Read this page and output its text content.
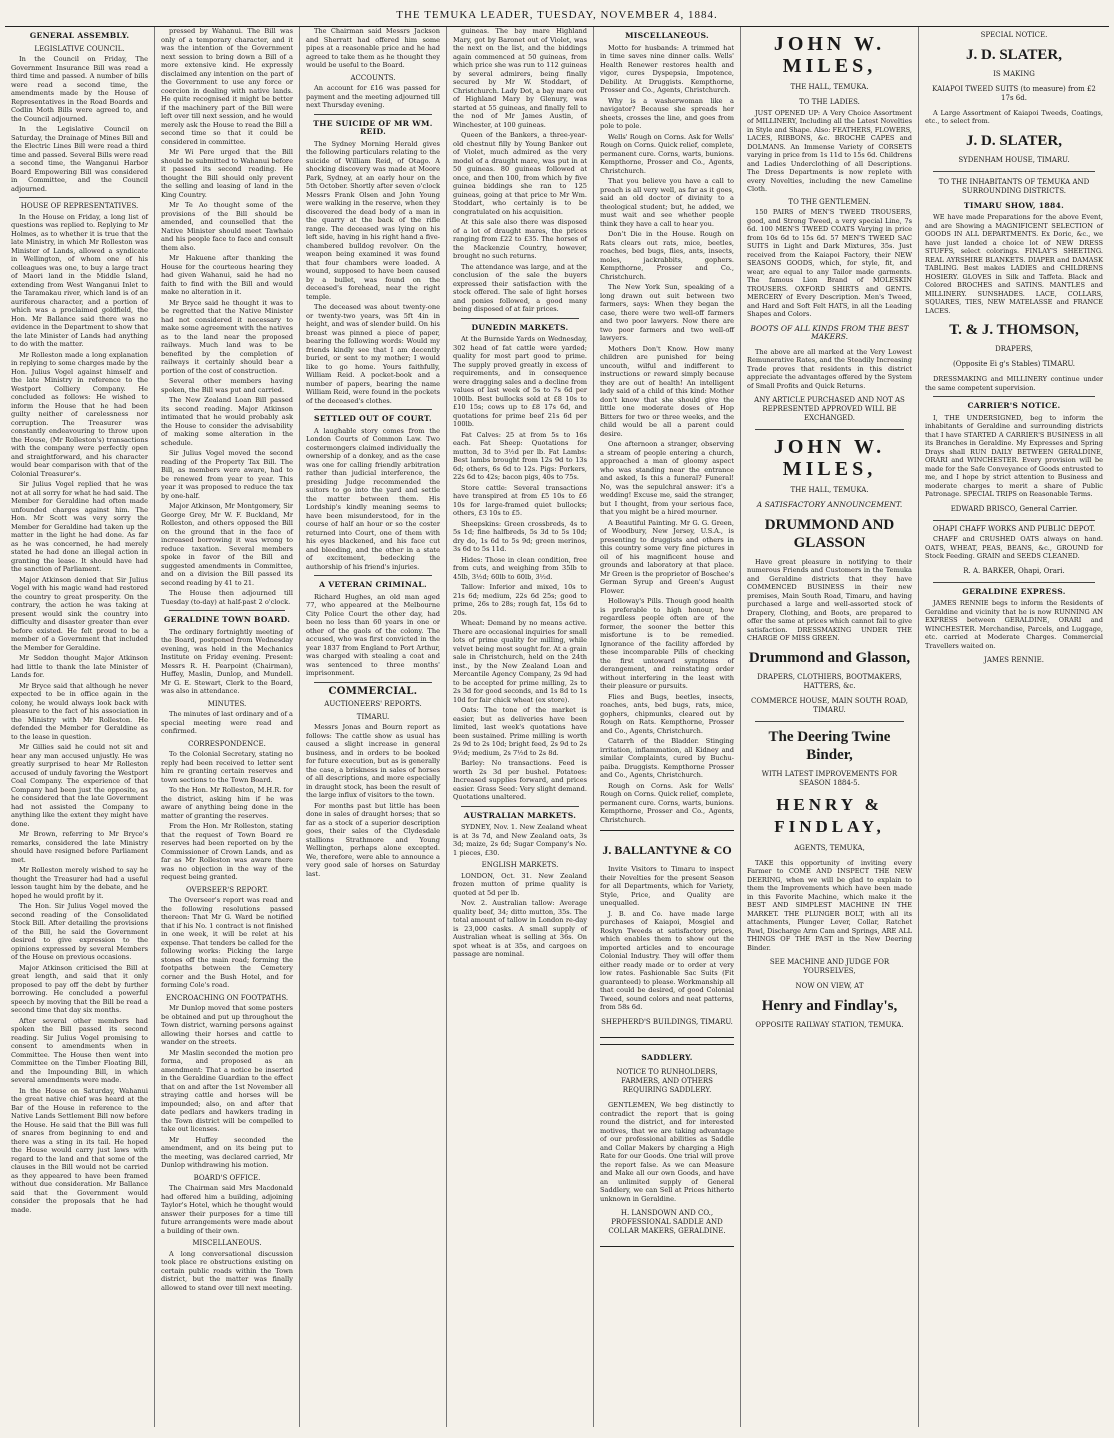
THE TEMUKA LEADER, TUESDAY, NOVEMBER 4, 1884.
GENERAL ASSEMBLY.
LEGISLATIVE COUNCIL.

In the Council on Friday, The Government Insurance Bill was read a third time and passed. A number of bills were read a second time, the amendments made by the House of Representatives in the Road Boards and Codlin Moth Bills were agreed to, and the Council adjourned.

In the Legislative Council on Saturday, the Drainage of Mines Bill and the Electric Lines Bill were read a third time and passed. Several Bills were read a second time, the Wanganui Harbor Board Empowering Bill was considered in Committee, and the Council adjourned.

HOUSE OF REPRESENTATIVES.

In the House on Friday, a long list of questions was replied to. Replying to Mr Holmes, as to whether it is true that the late Ministry, in which Mr Rolleston was Minister of Lands, allowed a syndicate in Wellington, of whom one of his colleagues was one, to buy a large tract of Maori land in the Middle Island, extending from West Wanganui Inlet to the Taramakau river, which land is of an auriferous character, and a portion of which was a proclaimed goldfield, the Hon. Mr Ballance said there was no evidence in the Department to show that the late Minister of Lands had anything to do with the matter.

Mr Rolleston made a long explanation in replying to some charges made by the Hon. Julius Vogel against himself and the late Ministry in reference to the Westport Colliery Company. He concluded as follows: He wished to inform the House that he had been guilty neither of carelessness nor corruption. The Treasurer was constantly endeavouring to throw upon the House, (Mr Rolleston's) transactions with the company were perfectly open and straightforward, and his character would bear comparison with that of the Colonial Treasurer's.

Sir Julius Vogel replied that he was not at all sorry for what he had said. The Member for Geraldine had often made unfounded charges against him. The Hon. Mr Scott was very sorry the Member for Geraldine had taken up the matter in the light he had done. As far as he was concerned, he had merely stated he had done an illegal action in granting the lease. It should have had the sanction of Parliament.

Major Atkinson denied that Sir Julius Vogel with his magic wand had restored the country to great prosperity. On the contrary, the action he was taking at present would sink the country into difficulty and disaster greater than ever before existed. He felt proud to be a member of a Government that included the Member for Geraldine.

Mr Seddon thought Major Atkinson had little to thank the late Minister of Lands for.

Mr Bryce said that although he never expected to be in office again in the colony, he would always look back with pleasure to the fact of his association in the Ministry with Mr Rolleston. He defended the Member for Geraldine as to the lease in question.

Mr Gillies said he could not sit and hear any man accused unjustly. He was greatly surprised to hear Mr Rolleston accused of unduly favoring the Westport Coal Company. The experience of that Company had been just the opposite, as he considered that the late Government had not assisted the Company to anything like the extent they might have done.

Mr Brown, referring to Mr Bryce's remarks, considered the late Ministry should have resigned before Parliament met.

Mr Rolleston merely wished to say he thought the Treasurer had had a useful lesson taught him by the debate, and he hoped he would profit by it.

The Hon. Sir Julius Vogel moved the second reading of the Consolidated Stock Bill. After detailing the provisions of the Bill, he said the Government desired to give expression to the opinions expressed by several Members of the House on previous occasions.

Major Atkinson criticised the Bill at great length, and said that it only proposed to pay off the debt by further borrowing. He concluded a powerful speech by moving that the Bill be read a second time that day six months.

After several other members had spoken the Bill passed its second reading. Sir Julius Vogel promising to consent to amendments when in Committee. The House then went into Committee on the Timber Floating Bill, and the Impounding Bill, in which several amendments were made.

In the House on Saturday, Wahanui the great native chief was heard at the Bar of the House in reference to the Native Lands Settlement Bill now before the House. He said that the Bill was full of snares from beginning to end and there was a sting in its tail. He hoped the House would carry just laws with regard to the land and that some of the clauses in the Bill would not be carried as they appeared to have been framed without due consideration. Mr Ballance said that the Government would consider the proposals that he had made.

pressed by Wahanui. The Bill was only of a temporary character, and it was the intention of the Government next session to bring down a Bill of a more extensive kind. He expressly disclaimed any intention on the part of the Government to use any force or coercion in dealing with native lands. He quite recognised it might be better if the machinery part of the Bill were left over till next session, and he would merely ask the House to read the Bill a second time so that it could be considered in committee.

Mr Wi Pere urged that the Bill should be submitted to Wahanui before it passed its second reading. He thought the Bill should only prevent the selling and leasing of land in the King Country.

Mr Te Ao thought some of the provisions of the Bill should be amended, and counselled that the Native Minister should meet Tawhaio and his people face to face and consult them also.

Mr Hakuene after thanking the House for the courteous hearing they had given Wahanui, said he had no faith to find with the Bill and would make no alteration in it.

Mr Bryce said he thought it was to be regretted that the Native Minister had not considered it necessary to make some agreement with the natives as to the land near the proposed railways. Much land was to be benefited by the completion of railways it certainly should bear a portion of the cost of construction.

Several other members having spoken, the Bill was put and carried.

The New Zealand Loan Bill passed its second reading. Major Atkinson intimated that he would probably ask the House to consider the advisability of making some alteration in the schedule.

Sir Julius Vogel moved the second reading of the Property Tax Bill. The Bill, as members were aware, had to be renewed from year to year. This year it was proposed to reduce the tax by one-half.

Major Atkinson, Mr Montgomery, Sir George Grey, Mr W. F. Buckland, Mr Rolleston, and others opposed the Bill on the ground that in the face of increased borrowing it was wrong to reduce taxation. Several members spoke in favor of the Bill and suggested amendments in Committee, and on a division the Bill passed its second reading by 41 to 21.

The House then adjourned till Tuesday (to-day) at half-past 2 o'clock.

GERALDINE TOWN BOARD.

The ordinary fortnightly meeting of the Board, postponed from Wednesday evening, was held in the Mechanics Institute on Friday evening. Present: Messrs R. H. Pearpoint (Chairman), Huffey, Maslin, Dunlop, and Mundell. Mr G. E. Stewart, Clerk to the Board, was also in attendance.

MINUTES.

The minutes of last ordinary and of a special meeting were read and confirmed.

CORRESPONDENCE.

To the Colonial Secretary, stating no reply had been received to letter sent him re granting certain reserves and town sections to the Town Board.

To the Hon. Mr Rolleston, M.H.R. for the district, asking him if he was aware of anything being done in the matter of granting the reserves.

From the Hon. Mr Rolleston, stating that the request of Town Board re reserves had been reported on by the Commissioner of Crown Lands, and as far as Mr Rolleston was aware there was no objection in the way of the request being granted.

OVERSEER'S REPORT.

The Overseer's report was read and the following resolutions passed thereon: That Mr G. Ward be notified that if his No. 1 contract is not finished in one week, it will be relet at his expense. That tenders be called for the following works: Picking the large stones off the main road; forming the footpaths between the Cemetery corner and the Bush Hotel, and for forming Cole's road.

ENCROACHING ON FOOTPATHS.

Mr Dunlop moved that some posters be obtained and put up throughout the Town district, warning persons against allowing their horses and cattle to wander on the streets.

Mr Maslin seconded the motion pro forma, and proposed as an amendment: That a notice be inserted in the Geraldine Guardian to the effect that on and after the 1st November all straying cattle and horses will be impounded; also, on and after that date pedlars and hawkers trading in the Town district will be compelled to take out licenses.

Mr Huffey seconded the amendment, and on its being put to the meeting, was declared carried, Mr Dunlop withdrawing his motion.

BOARD'S OFFICE.

The Chairman said Mrs Macdonald had offered him a building, adjoining Taylor's Hotel, which he thought would answer their purposes for a time till future arrangements were made about a building of their own.

MISCELLANEOUS.

A long conversational discussion took place re obstructions existing on certain public roads within the Town district, but the matter was finally allowed to stand over till next meeting.

The Chairman said Messrs Jackson and Sherratt had offered him some pipes at a reasonable price and he had agreed to take them as he thought they would be useful to the Board.

ACCOUNTS.

An account for £16 was passed for payment and the meeting adjourned till next Thursday evening.

THE SUICIDE OF MR WM. REID.

The Sydney Morning Herald gives the following particulars relating to the suicide of William Reid, of Otago. A shocking discovery was made at Moore Park, Sydney, at an early hour on the 5th October. Shortly after seven o'clock Messrs Frank Olsen and John Young were walking in the reserve, when they discovered the dead body of a man in the quarry at the back of the rifle range. The deceased was lying on his left side, having in his right hand a five-chambered bulldog revolver. On the weapon being examined it was found that four chambers were loaded. A wound, supposed to have been caused by a bullet, was found on the deceased's forehead, near the right temple.

The deceased was about twenty-one or twenty-two years, was 5ft 4in in height, and was of slender build. On his breast was pinned a piece of paper, bearing the following words: Would my friends kindly see that I am decently buried, or sent to my mother; I would like to go home. Yours faithfully, William Reid. A pocket-book and a number of papers, bearing the name William Reid, were found in the pockets of the deceased's clothes.

SETTLED OUT OF COURT.

A laughable story comes from the London Courts of Common Law. Two costermongers claimed individually the ownership of a donkey, and as the case was one for calling friendly arbitration rather than judicial interference, the presiding Judge recommended the suitors to go into the yard and settle the matter between them. His Lordship's kindly meaning seems to have been misunderstood, for in the course of half an hour or so the coster returned into Court, one of them with his eyes blackened, and his face cut and bleeding, and the other in a state of excitement, bedecking the authorship of his friend's injuries.

A VETERAN CRIMINAL.

Richard Hughes, an old man aged 77, who appeared at the Melbourne City Police Court the other day, had been no less than 60 years in one or other of the gaols of the colony. The accused, who was first convicted in the year 1837 from England to Port Arthur, was charged with stealing a coat and was sentenced to three months' imprisonment.

COMMERCIAL.
AUCTIONEERS' REPORTS.
TIMARU.

Messrs Jonas and Bourn report as follows: The cattle show as usual has caused a slight increase in general business, and in orders to be booked for future execution, but as is generally the case, a briskness in sales of horses of all descriptions, and more especially in draught stock, has been the result of the large influx of visitors to the town.

For months past but little has been done in sales of draught horses; that so far as a stock of a superior description goes, their sales of the Clydesdale stallions Strathmore and Young Wellington, perhaps alone excepted. We, therefore, were able to announce a very good sale of horses on Saturday last.

guineas. The bay mare Highland Mary, got by Baronet out of Violet, was the next on the list, and the biddings again commenced at 50 guineas, from which price she was run to 112 guineas by several admirers, being finally secured by Mr W. Stoddart, of Christchurch. Lady Dot, a bay mare out of Highland Mary by Glenury, was started at 55 guineas, and finally fell to the nod of Mr James Austin, of Winchester, at 100 guineas.

Queen of the Bankers, a three-year-old chestnut filly by Young Banker out of Violet, much admired as the very model of a draught mare, was put in at 50 guineas. 80 guineas followed at once, and then 100, from which by five guinea biddings she ran to 125 guineas, going at that price to Mr Wm. Stoddart, who certainly is to be congratulated on his acquisition.

At this sale also there was disposed of a lot of draught mares, the prices ranging from £22 to £35. The horses of the Mackenzie Country, however, brought no such returns.

The attendance was large, and at the conclusion of the sale the buyers expressed their satisfaction with the stock offered. The sale of light horses and ponies followed, a good many being disposed of at fair prices.

DUNEDIN MARKETS.

At the Burnside Yards on Wednesday, 302 head of fat cattle were yarded; quality for most part good to prime. The supply proved greatly in excess of requirements, and in consequence were dragging sales and a decline from values of last week of 5s to 7s 6d per 100lb. Best bullocks sold at £8 10s to £10 15s; cows up to £8 17s 6d, and quotations for prime beef 21s 6d per 100lb.

Fat Calves: 25 at from 5s to 16s each. Fat Sheep: Quotations for mutton, 3d to 3½d per lb. Fat Lambs: Best lambs brought from 12s 9d to 13s 6d; others, 6s 6d to 12s. Pigs: Porkers, 22s 6d to 42s; bacon pigs, 40s to 75s.

Store cattle: Several transactions have transpired at from £5 10s to £6 10s for large-framed quiet bullocks; others, £3 10s to £5.

Sheepskins: Green crossbreds, 4s to 5s 1d; fine halfbreds, 5s 3d to 5s 10d; dry do, 1s 6d to 5s 9d; green merinos, 3s 6d to 5s 11d.

Hides: Those in clean condition, free from cuts, and weighing from 35lb to 45lb, 3½d; 60lb to 60lb, 3½d.

Tallow: Inferior and mixed, 10s to 21s 6d; medium, 22s 6d 25s; good to prime, 26s to 28s; rough fat, 15s 6d to 20s.

Wheat: Demand by no means active. There are occasional inquiries for small lots of prime quality for milling, while velvet being most sought for. At a grain sale in Christchurch, held on the 24th inst., by the New Zealand Loan and Mercantile Agency Company, 2s 9d had to be accepted for prime milling, 2s to 2s 3d for good seconds, and 1s 8d to 1s 10d for fair chick wheat (ex store).

Oats: The tone of the market is easier, but as deliveries have been limited, last week's quotations have been sustained. Prime milling is worth 2s 9d to 2s 10d; bright feed, 2s 9d to 2s 9½d; medium, 2s 7½d to 2s 8d.

Barley: No transactions. Feed is worth 2s 3d per bushel. Potatoes: Increased supplies forward, and prices easier. Grass Seed: Very slight demand. Quotations unaltered.

AUSTRALIAN MARKETS.

SYDNEY, Nov. 1. New Zealand wheat is at 3s 7d, and New Zealand oats, 3s 3d; maize, 2s 6d; Sugar Company's No. 1 pieces, £30.

ENGLISH MARKETS.

LONDON, Oct. 31. New Zealand frozen mutton of prime quality is quoted at 5d per lb.

Nov. 2. Australian tallow: Average quality beef, 34; ditto mutton, 35s. The total amount of tallow in London re-day is 23,000 casks. A small supply of Australian wheat is selling at 36s. On spot wheat is at 35s, and cargoes on passage are nominal.

MISCELLANEOUS.

Motto for husbands: A trimmed hat in time saves nine dinner calls. Wells' Health Renewer restores health and vigor, cures Dyspepsia, Impotence, Debility. At Druggists. Kempthorne, Prosser and Co., Agents, Christchurch.

Why is a washerwoman like a navigator? Because she spreads her sheets, crosses the line, and goes from pole to pole.

Wells' Rough on Corns. Ask for Wells' Rough on Corns. Quick relief, complete, permanent cure. Corns, warts, bunions. Kempthorne, Prosser and Co., Agents, Christchurch.

That you believe you have a call to preach is all very well, as far as it goes, said an old doctor of divinity to a theological student; but, he added, we must wait and see whether people think they have a call to hear you.

Don't Die in the House. Rough on Rats clears out rats, mice, beetles, roaches, bed bugs, flies, ants, insects, moles, jackrabbits, gophers. Kempthorne, Prosser and Co., Christchurch.

The New York Sun, speaking of a long drawn out suit between two farmers, says: When they began the case, there were two well-off farmers and two poor lawyers. Now there are two poor farmers and two well-off lawyers.

Mothers Don't Know. How many children are punished for being uncouth, wilful and indifferent to instructions or reward simply because they are out of health! An intelligent lady said of a child of this kind: Mother don't know that she should give the little one moderate doses of Hop Bitters for two or three weeks, and the child would be all a parent could desire.

One afternoon a stranger, observing a stream of people entering a church, approached a man of gloomy aspect who was standing near the entrance and asked, Is this a funeral? Funeral! No, was the sepulchral answer: it's a wedding! Excuse me, said the stranger, but I thought, from your serious face, that you might be a hired mourner.

A Beautiful Painting. Mr G. G. Green, of Woodbury, New Jersey, U.S.A., is presenting to druggists and others in this country some very fine pictures in oil of his magnificent house and grounds and laboratory at that place. Mr Green is the proprietor of Boschee's German Syrup and Green's August Flower.

Holloway's Pills. Though good health is preferable to high honour, how regardless people often are of the former, the sooner the better this misfortune is to be remedied. Ignorance of the facility afforded by these incomparable Pills of checking the first untoward symptoms of derangement, and reinstating order without interfering in the least with their pleasure or pursuits.

Flies and Bugs, beetles, insects, roaches, ants, bed bugs, rats, mice, gophers, chipmunks, cleared out by Rough on Rats. Kempthorne, Prosser and Co., Agents, Christchurch.

Catarrh of the Bladder. Stinging irritation, inflammation, all Kidney and similar Complaints, cured by Buchu-paiba. Druggists. Kempthorne Prosser and Co., Agents, Christchurch.

Rough on Corns. Ask for Wells' Rough on Corns. Quick relief, complete, permanent cure. Corns, warts, bunions. Kempthorne, Prosser and Co., Agents, Christchurch.

J. BALLANTYNE & CO

Invite Visitors to Timaru to inspect their Novelties for the present Season for all Departments, which for Variety, Style, Price, and Quality are unequalled.

J. B. and Co. have made large purchases of Kaiapoi, Mosgiel and Roslyn Tweeds at satisfactory prices, which enables them to show out the imported articles and to encourage Colonial Industry. They will offer them either ready made or to order at very low rates. Fashionable Sac Suits (Fit guaranteed) to please. Workmanship all that could be desired, of good Colonial Tweed, sound colors and neat patterns, from 58s 6d.

SHEPHERD'S BUILDINGS, TIMARU.
SADDLERY.
NOTICE TO RUNHOLDERS, FARMERS, AND OTHERS REQUIRING SADDLERY.

GENTLEMEN, We beg distinctly to contradict the report that is going round the district, and for interested motives, that we are taking advantage of our professional abilities as Saddle and Collar Makers by charging a High Rate for our Goods. One trial will prove the report false. As we can Measure and Make all our own Goods, and have an unlimited supply of General Saddlery, we can Sell at Prices hitherto unknown in Geraldine.

H. LANSDOWN AND CO., PROFESSIONAL SADDLE AND COLLAR MAKERS, GERALDINE.
JOHN W. MILES,
THE HALL, TEMUKA.
TO THE LADIES.

JUST OPENED UP: A Very Choice Assortment of MILLINERY, Including all the Latest Novelties in Style and Shape. Also: FEATHERS, FLOWERS, LACES, RIBBONS, &c. BROCHE CAPES and DOLMANS. An Immense Variety of CORSETS varying in price from 1s 11d to 15s 6d. Childrens and Ladies Underclothing of all Descriptions. The Dress Departments is now replete with every Novelties, including the new Cameline Cloth.

TO THE GENTLEMEN.

150 PAIRS of MEN'S TWEED TROUSERS, good, and Strong Tweed, a very special Line, 7s 6d. 100 MEN'S TWEED COATS Varying in price from 10s 6d to 15s 6d. 57 MEN'S TWEED SAC SUITS in Light and Dark Mixtures, 35s. Just received from the Kaiapoi Factory, their NEW SEASONS GOODS, which, for style, fit, and wear, are equal to any Tailor made garments. The famous Lion Brand of MOLESKIN TROUSERS. OXFORD SHIRTS and GENTS. MERCERY of Every Description. Men's Tweed, and Hard and Soft Felt HATS, in all the Leading Shapes and Colors.

BOOTS OF ALL KINDS FROM THE BEST MAKERS.

The above are all marked at the Very Lowest Remunerative Rates, and the Steadily Increasing Trade proves that residents in this district appreciate the advantages offered by the System of Small Profits and Quick Returns.

ANY ARTICLE PURCHASED AND NOT AS REPRESENTED APPROVED WILL BE EXCHANGED.
JOHN W. MILES,
THE HALL, TEMUKA.
A SATISFACTORY ANNOUNCEMENT.
DRUMMOND AND GLASSON

Have great pleasure in notifying to their numerous Friends and Customers in the Temuka and Geraldine districts that they have COMMENCED BUSINESS in their new premises, Main South Road, Timaru, and having purchased a large and well-assorted stock of Drapery, Clothing, and Boots, are prepared to offer the same at prices which cannot fail to give satisfaction. DRESSMAKING UNDER THE CHARGE OF MISS GREEN.

Drummond and Glasson,
DRAPERS, CLOTHIERS, BOOTMAKERS, HATTERS, &c.
COMMERCE HOUSE, MAIN SOUTH ROAD, TIMARU.
The Deering Twine Binder,
WITH LATEST IMPROVEMENTS FOR SEASON 1884-5.
HENRY & FINDLAY,
AGENTS, TEMUKA,

TAKE this opportunity of inviting every Farmer to COME AND INSPECT THE NEW DEERING, when we will be glad to explain to them the Improvements which have been made in this Favorite Machine, which make it the BEST AND SIMPLEST MACHINE IN THE MARKET. THE PLUNGER BOLT, with all its attachments, Plunger Lever, Collar, Ratchet Pawl, Discharge Arm Cam and Springs, ARE ALL THINGS OF THE PAST in the New Deering Binder.

SEE MACHINE AND JUDGE FOR YOURSELVES,
NOW ON VIEW, AT
Henry and Findlay's,
OPPOSITE RAILWAY STATION, TEMUKA.
SPECIAL NOTICE.
J. D. SLATER,
IS MAKING
KAIAPOI TWEED SUITS (to measure) from £2 17s 6d.

A Large Assortment of Kaiapoi Tweeds, Coatings, etc., to select from.

J. D. SLATER,
SYDENHAM HOUSE, TIMARU.
TO THE INHABITANTS OF TEMUKA AND SURROUNDING DISTRICTS.
TIMARU SHOW, 1884.

WE have made Preparations for the above Event, and are Showing a MAGNIFICENT SELECTION of GOODS IN ALL DEPARTMENTS. Ex Doric, &c., we have just landed a choice lot of NEW DRESS STUFFS, select colorings. FINLAY'S SHEETING. REAL AYRSHIRE BLANKETS. DIAPER and DAMASK TABLING. Best makes LADIES and CHILDRENS HOSIERY. GLOVES in Silk and Taffeta. Black and Colored BROCHES and SATINS. MANTLES and MILLINERY. SUNSHADES. LACE, COLLARS, SQUARES, TIES, NEW MATELASSE and FRANCE LACES.

T. & J. THOMSON,
DRAPERS,
(Opposite Ei g's Stables) TIMARU.

DRESSMAKING and MILLINERY continue under the same competent supervision.

CARRIER'S NOTICE.

I, THE UNDERSIGNED, beg to inform the inhabitants of Geraldine and surrounding districts that I have STARTED A CARRIER'S BUSINESS in all its Branches in Geraldine. My Expresses and Spring Drays shall RUN DAILY BETWEEN GERALDINE, ORARI and WINCHESTER. Every provision will be made for the Safe Conveyance of Goods entrusted to me, and I hope by strict attention to Business and moderate charges to merit a share of Public Patronage. SPECIAL TRIPS on Reasonable Terms.

EDWARD BRISCO, General Carrier.
OHAPI CHAFF WORKS AND PUBLIC DEPOT.

CHAFF and CRUSHED OATS always on hand. OATS, WHEAT, PEAS, BEANS, &c., GROUND for Stock Feeding. GRAIN and SEEDS CLEANED.

R. A. BARKER, Ohapi, Orari.
GERALDINE EXPRESS.

JAMES RENNIE begs to inform the Residents of Geraldine and vicinity that he is now RUNNING AN EXPRESS between GERALDINE, ORARI and WINCHESTER. Merchandise, Parcels, and Luggage, etc. carried at Moderate Charges. Commercial Travellers waited on.

JAMES RENNIE.
